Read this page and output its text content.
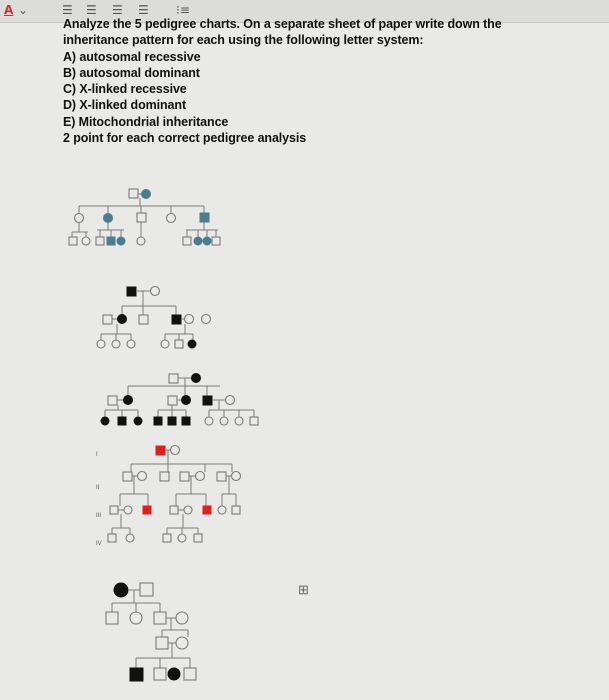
A ⌄	☰ ☰ ☰ ☰ ⁝≡
Analyze the 5 pedigree charts. On a separate sheet of paper write down the
inheritance pattern for each using the following letter system:
A) autosomal recessive
B) autosomal dominant
C) X-linked recessive
D) X-linked dominant
E) Mitochondrial inheritance
2 point for each correct pedigree analysis
I
II
III
IV
⊞
